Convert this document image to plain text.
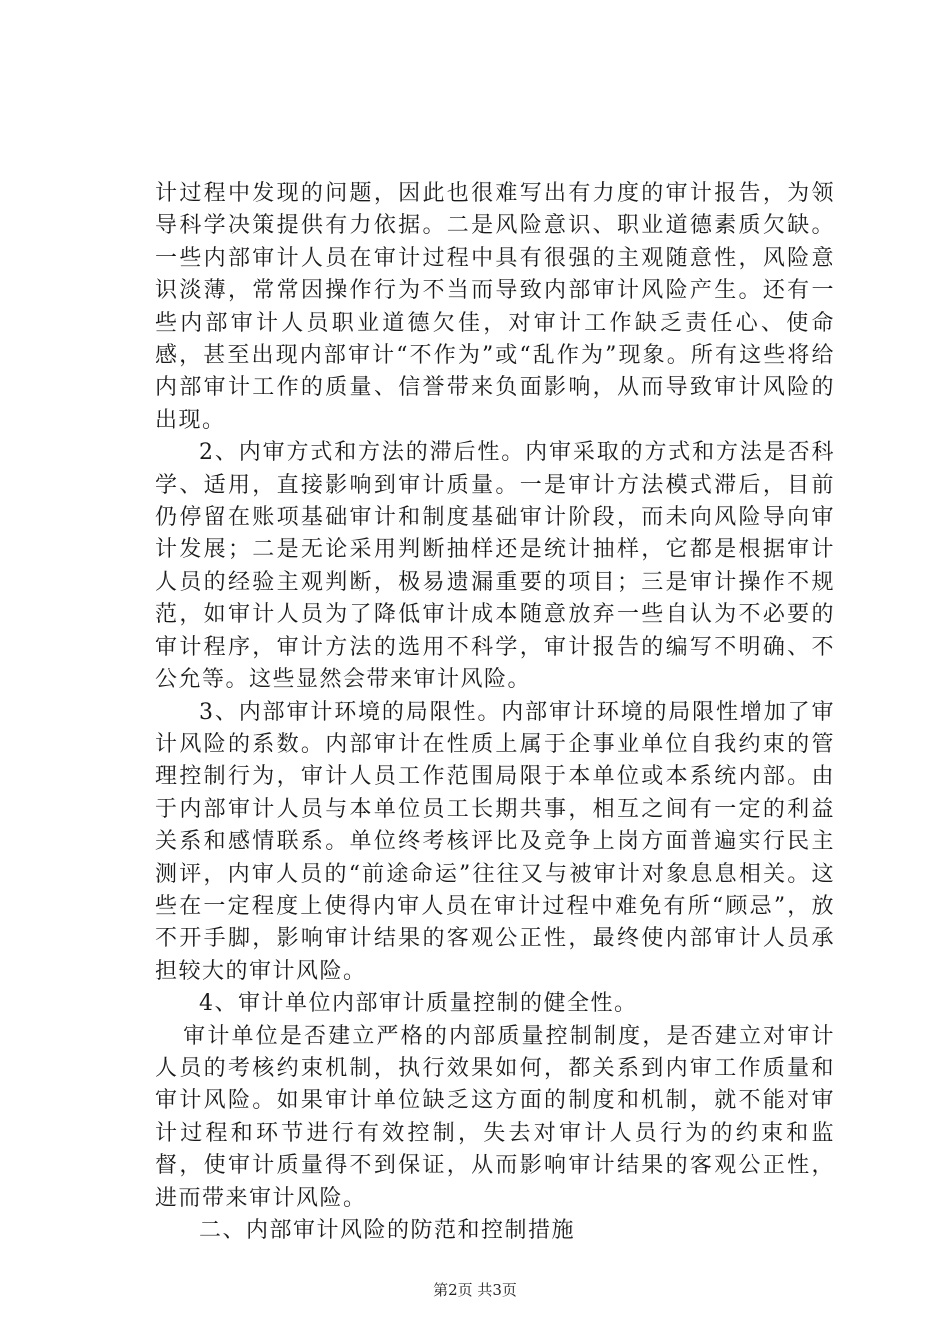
计过程中发现的问题，因此也很难写出有力度的审计报告，为领导科学决策提供有力依据。二是风险意识、职业道德素质欠缺。一些内部审计人员在审计过程中具有很强的主观随意性，风险意识淡薄，常常因操作行为不当而导致内部审计风险产生。还有一些内部审计人员职业道德欠佳，对审计工作缺乏责任心、使命感，甚至出现内部审计“不作为”或“乱作为”现象。所有这些将给内部审计工作的质量、信誉带来负面影响，从而导致审计风险的出现。

2、内审方式和方法的滞后性。内审采取的方式和方法是否科学、适用，直接影响到审计质量。一是审计方法模式滞后，目前仍停留在账项基础审计和制度基础审计阶段，而未向风险导向审计发展；二是无论采用判断抽样还是统计抽样，它都是根据审计人员的经验主观判断，极易遗漏重要的项目；三是审计操作不规范，如审计人员为了降低审计成本随意放弃一些自认为不必要的审计程序，审计方法的选用不科学，审计报告的编写不明确、不公允等。这些显然会带来审计风险。

3、内部审计环境的局限性。内部审计环境的局限性增加了审计风险的系数。内部审计在性质上属于企事业单位自我约束的管理控制行为，审计人员工作范围局限于本单位或本系统内部。由于内部审计人员与本单位员工长期共事，相互之间有一定的利益关系和感情联系。单位终考核评比及竞争上岗方面普遍实行民主测评，内审人员的“前途命运”往往又与被审计对象息息相关。这些在一定程度上使得内审人员在审计过程中难免有所“顾忌”，放不开手脚，影响审计结果的客观公正性，最终使内部审计人员承担较大的审计风险。

4、审计单位内部审计质量控制的健全性。

审计单位是否建立严格的内部质量控制制度，是否建立对审计人员的考核约束机制，执行效果如何，都关系到内审工作质量和审计风险。如果审计单位缺乏这方面的制度和机制，就不能对审计过程和环节进行有效控制，失去对审计人员行为的约束和监督，使审计质量得不到保证，从而影响审计结果的客观公正性，进而带来审计风险。

二、内部审计风险的防范和控制措施

第2页 共3页
